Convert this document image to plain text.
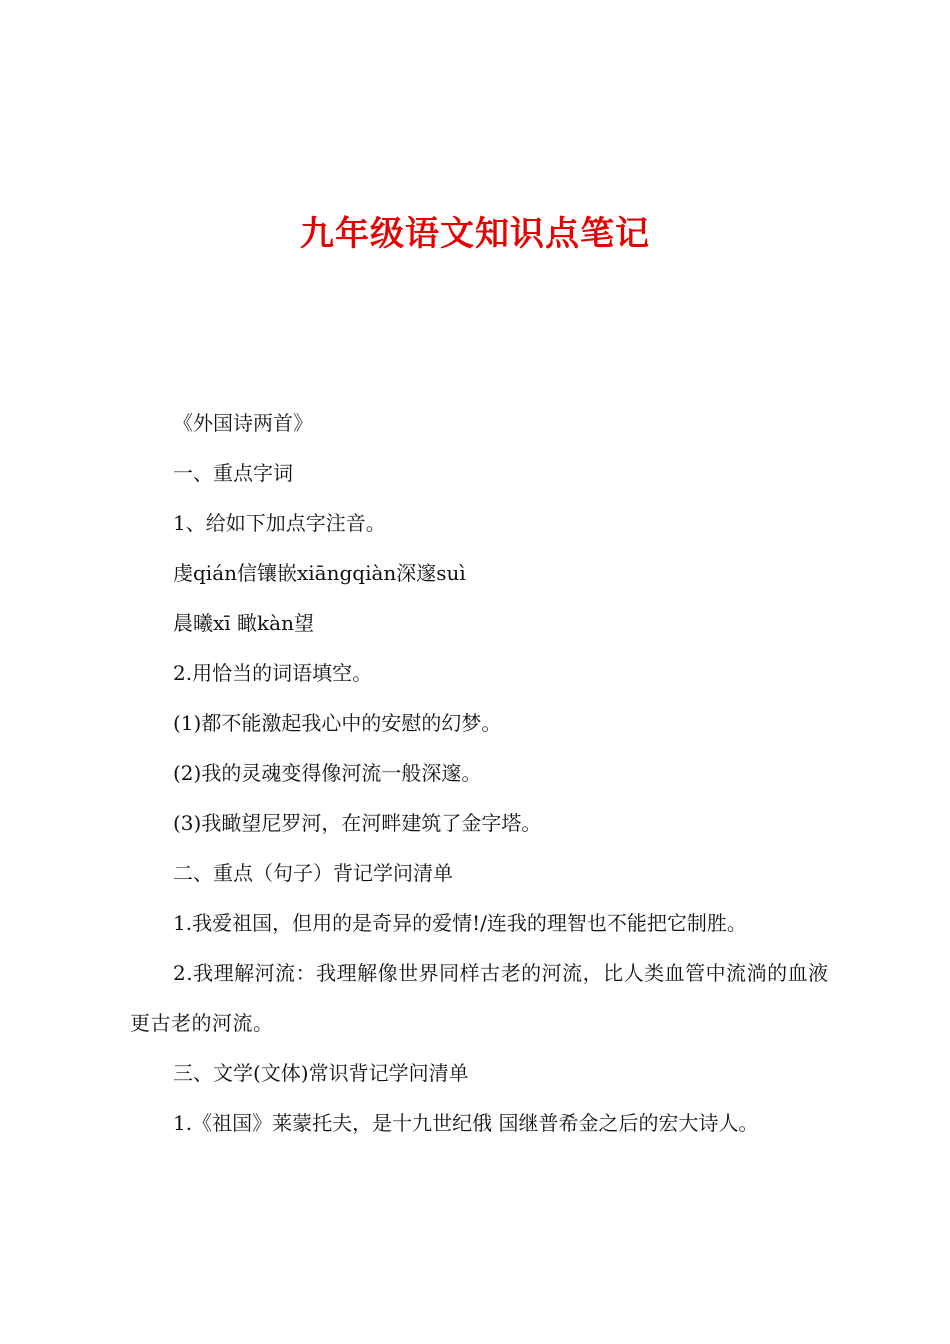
九年级语文知识点笔记
《外国诗两首》
一、重点字词
1、给如下加点字注音。
虔qián信镶嵌xiāngqiàn深邃suì
晨曦xī 瞰kàn望
2.用恰当的词语填空。
(1)都不能激起我心中的安慰的幻梦。
(2)我的灵魂变得像河流一般深邃。
(3)我瞰望尼罗河，在河畔建筑了金字塔。
二、重点（句子）背记学问清单
1.我爱祖国，但用的是奇异的爱情!/连我的理智也不能把它制胜。
2.我理解河流：我理解像世界同样古老的河流，比人类血管中流淌的血液更古老的河流。
三、文学(文体)常识背记学问清单
1.《祖国》莱蒙托夫，是十九世纪俄 国继普希金之后的宏大诗人。
